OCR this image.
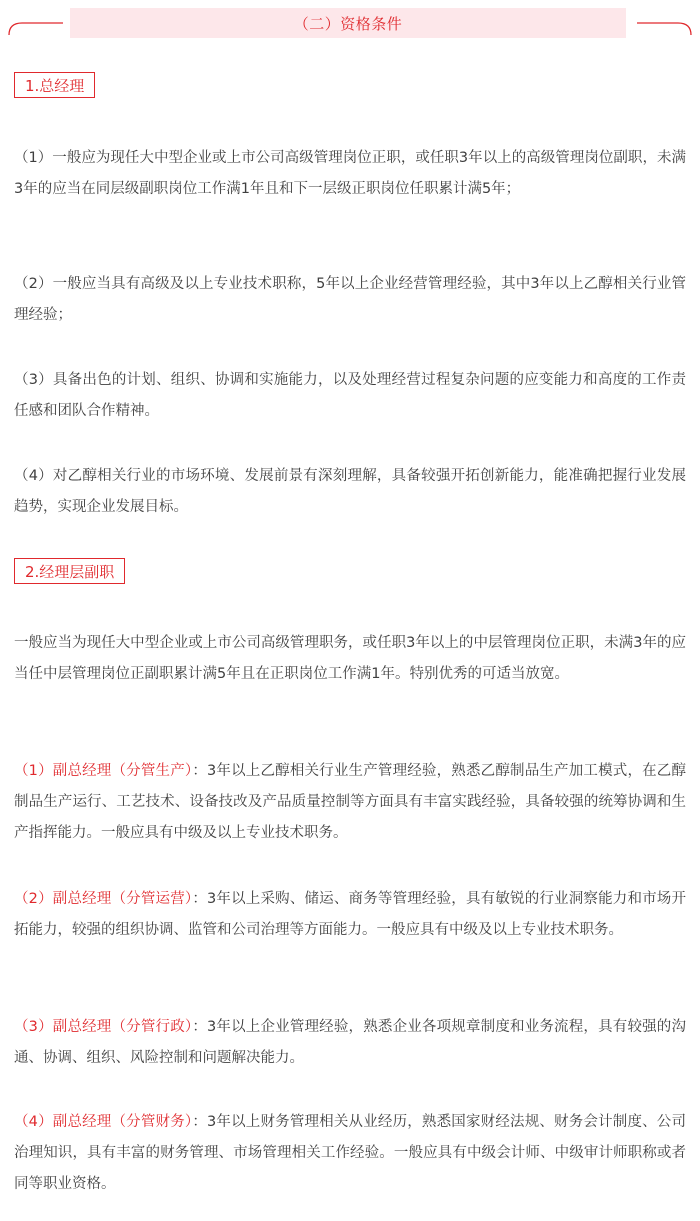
（二）资格条件
1.总经理

（1）一般应为现任大中型企业或上市公司高级管理岗位正职，或任职3年以上的高级管理岗位副职，未满3年的应当在同层级副职岗位工作满1年且和下一层级正职岗位任职累计满5年；

（2）一般应当具有高级及以上专业技术职称，5年以上企业经营管理经验，其中3年以上乙醇相关行业管理经验；

（3）具备出色的计划、组织、协调和实施能力，以及处理经营过程复杂问题的应变能力和高度的工作责任感和团队合作精神。

（4）对乙醇相关行业的市场环境、发展前景有深刻理解，具备较强开拓创新能力，能准确把握行业发展趋势，实现企业发展目标。

2.经理层副职

一般应当为现任大中型企业或上市公司高级管理职务，或任职3年以上的中层管理岗位正职，未满3年的应当任中层管理岗位正副职累计满5年且在正职岗位工作满1年。特别优秀的可适当放宽。

（1）副总经理（分管生产）：3年以上乙醇相关行业生产管理经验，熟悉乙醇制品生产加工模式，在乙醇制品生产运行、工艺技术、设备技改及产品质量控制等方面具有丰富实践经验，具备较强的统筹协调和生产指挥能力。一般应具有中级及以上专业技术职务。

（2）副总经理（分管运营）：3年以上采购、储运、商务等管理经验，具有敏锐的行业洞察能力和市场开拓能力，较强的组织协调、监管和公司治理等方面能力。一般应具有中级及以上专业技术职务。

（3）副总经理（分管行政）：3年以上企业管理经验，熟悉企业各项规章制度和业务流程，具有较强的沟通、协调、组织、风险控制和问题解决能力。

（4）副总经理（分管财务）：3年以上财务管理相关从业经历，熟悉国家财经法规、财务会计制度、公司治理知识，具有丰富的财务管理、市场管理相关工作经验。一般应具有中级会计师、中级审计师职称或者同等职业资格。
